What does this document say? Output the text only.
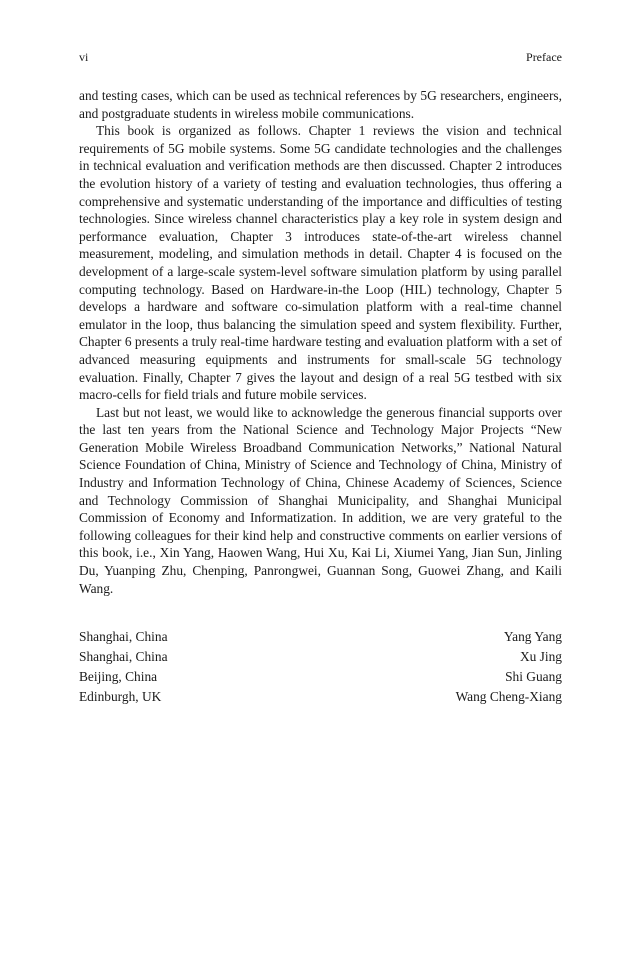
vi	Preface

and testing cases, which can be used as technical references by 5G researchers, engineers, and postgraduate students in wireless mobile communications.

This book is organized as follows. Chapter 1 reviews the vision and technical requirements of 5G mobile systems. Some 5G candidate technologies and the challenges in technical evaluation and verification methods are then discussed. Chapter 2 introduces the evolution history of a variety of testing and evaluation technologies, thus offering a comprehensive and systematic understanding of the importance and difficulties of testing technologies. Since wireless channel characteristics play a key role in system design and performance evaluation, Chapter 3 introduces state-of-the-art wireless channel measurement, modeling, and simulation methods in detail. Chapter 4 is focused on the development of a large-scale system-level software simulation platform by using parallel computing technology. Based on Hardware-in-the Loop (HIL) technology, Chapter 5 develops a hardware and software co-simulation platform with a real-time channel emulator in the loop, thus balancing the simulation speed and system flexibility. Further, Chapter 6 presents a truly real-time hardware testing and evaluation platform with a set of advanced measuring equipments and instruments for small-scale 5G technology evaluation. Finally, Chapter 7 gives the layout and design of a real 5G testbed with six macro-cells for field trials and future mobile services.

Last but not least, we would like to acknowledge the generous financial supports over the last ten years from the National Science and Technology Major Projects “New Generation Mobile Wireless Broadband Communication Networks,” National Natural Science Foundation of China, Ministry of Science and Technology of China, Ministry of Industry and Information Technology of China, Chinese Academy of Sciences, Science and Technology Commission of Shanghai Municipality, and Shanghai Municipal Commission of Economy and Informatization. In addition, we are very grateful to the following colleagues for their kind help and constructive comments on earlier versions of this book, i.e., Xin Yang, Haowen Wang, Hui Xu, Kai Li, Xiumei Yang, Jian Sun, Jinling Du, Yuanping Zhu, Chenping, Panrongwei, Guannan Song, Guowei Zhang, and Kaili Wang.

Shanghai, China	Yang Yang
Shanghai, China	Xu Jing
Beijing, China	Shi Guang
Edinburgh, UK	Wang Cheng-Xiang
